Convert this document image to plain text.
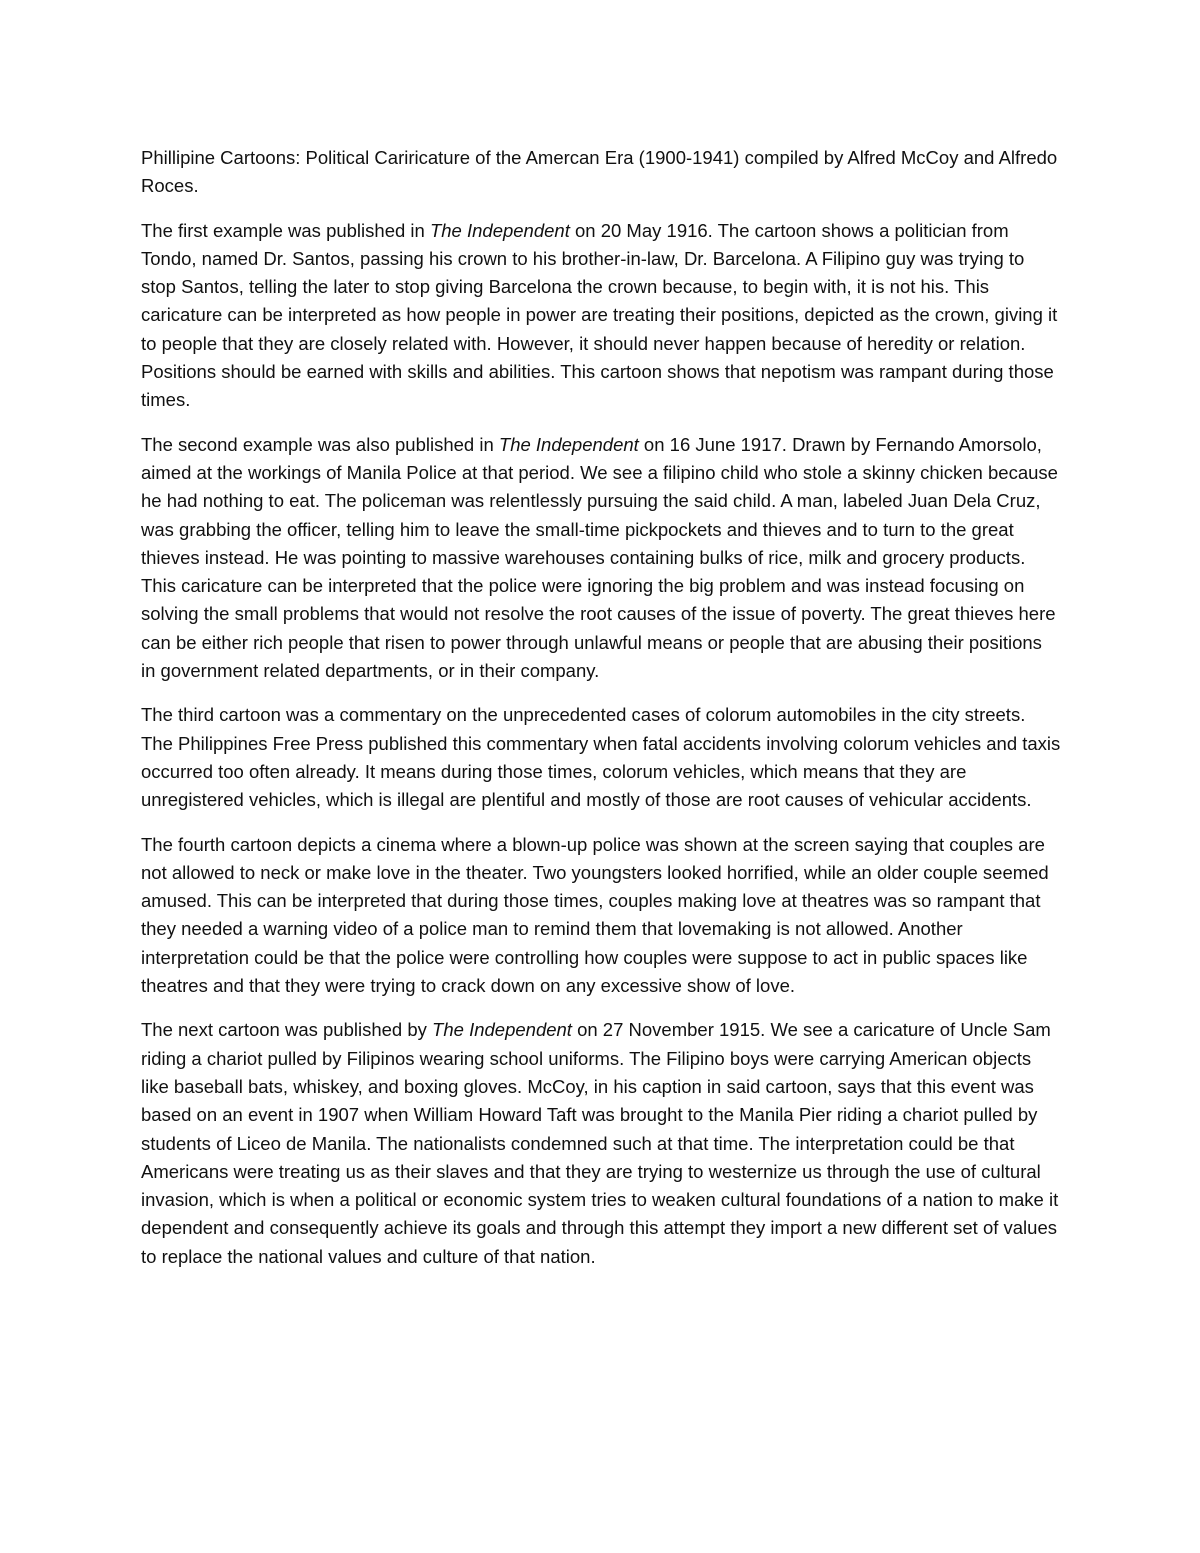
Phillipine Cartoons: Political Cariricature of the Amercan Era (1900-1941) compiled by Alfred McCoy and Alfredo Roces.

The first example was published in The Independent on 20 May 1916. The cartoon shows a politician from Tondo, named Dr. Santos, passing his crown to his brother-in-law, Dr. Barcelona. A Filipino guy was trying to stop Santos, telling the later to stop giving Barcelona the crown because, to begin with, it is not his. This caricature can be interpreted as how people in power are treating their positions, depicted as the crown, giving it to people that they are closely related with. However, it should never happen because of heredity or relation. Positions should be earned with skills and abilities. This cartoon shows that nepotism was rampant during those times.

The second example was also published in The Independent on 16 June 1917. Drawn by Fernando Amorsolo, aimed at the workings of Manila Police at that period. We see a filipino child who stole a skinny chicken because he had nothing to eat. The policeman was relentlessly pursuing the said child. A man, labeled Juan Dela Cruz, was grabbing the officer, telling him to leave the small-time pickpockets and thieves and to turn to the great thieves instead. He was pointing to massive warehouses containing bulks of rice, milk and grocery products. This caricature can be interpreted that the police were ignoring the big problem and was instead focusing on solving the small problems that would not resolve the root causes of the issue of poverty. The great thieves here can be either rich people that risen to power through unlawful means or people that are abusing their positions in government related departments, or in their company.

The third cartoon was a commentary on the unprecedented cases of colorum automobiles in the city streets. The Philippines Free Press published this commentary when fatal accidents involving colorum vehicles and taxis occurred too often already. It means during those times, colorum vehicles, which means that they are unregistered vehicles, which is illegal are plentiful and mostly of those are root causes of vehicular accidents.

The fourth cartoon depicts a cinema where a blown-up police was shown at the screen saying that couples are not allowed to neck or make love in the theater. Two youngsters looked horrified, while an older couple seemed amused. This can be interpreted that during those times, couples making love at theatres was so rampant that they needed a warning video of a police man to remind them that lovemaking is not allowed. Another interpretation could be that the police were controlling how couples were suppose to act in public spaces like theatres and that they were trying to crack down on any excessive show of love.

The next cartoon was published by The Independent on 27 November 1915. We see a caricature of Uncle Sam riding a chariot pulled by Filipinos wearing school uniforms. The Filipino boys were carrying American objects like baseball bats, whiskey, and boxing gloves. McCoy, in his caption in said cartoon, says that this event was based on an event in 1907 when William Howard Taft was brought to the Manila Pier riding a chariot pulled by students of Liceo de Manila. The nationalists condemned such at that time. The interpretation could be that Americans were treating us as their slaves and that they are trying to westernize us through the use of cultural invasion, which is when a political or economic system tries to weaken cultural foundations of a nation to make it dependent and consequently achieve its goals and through this attempt they import a new different set of values to replace the national values and culture of that nation.
